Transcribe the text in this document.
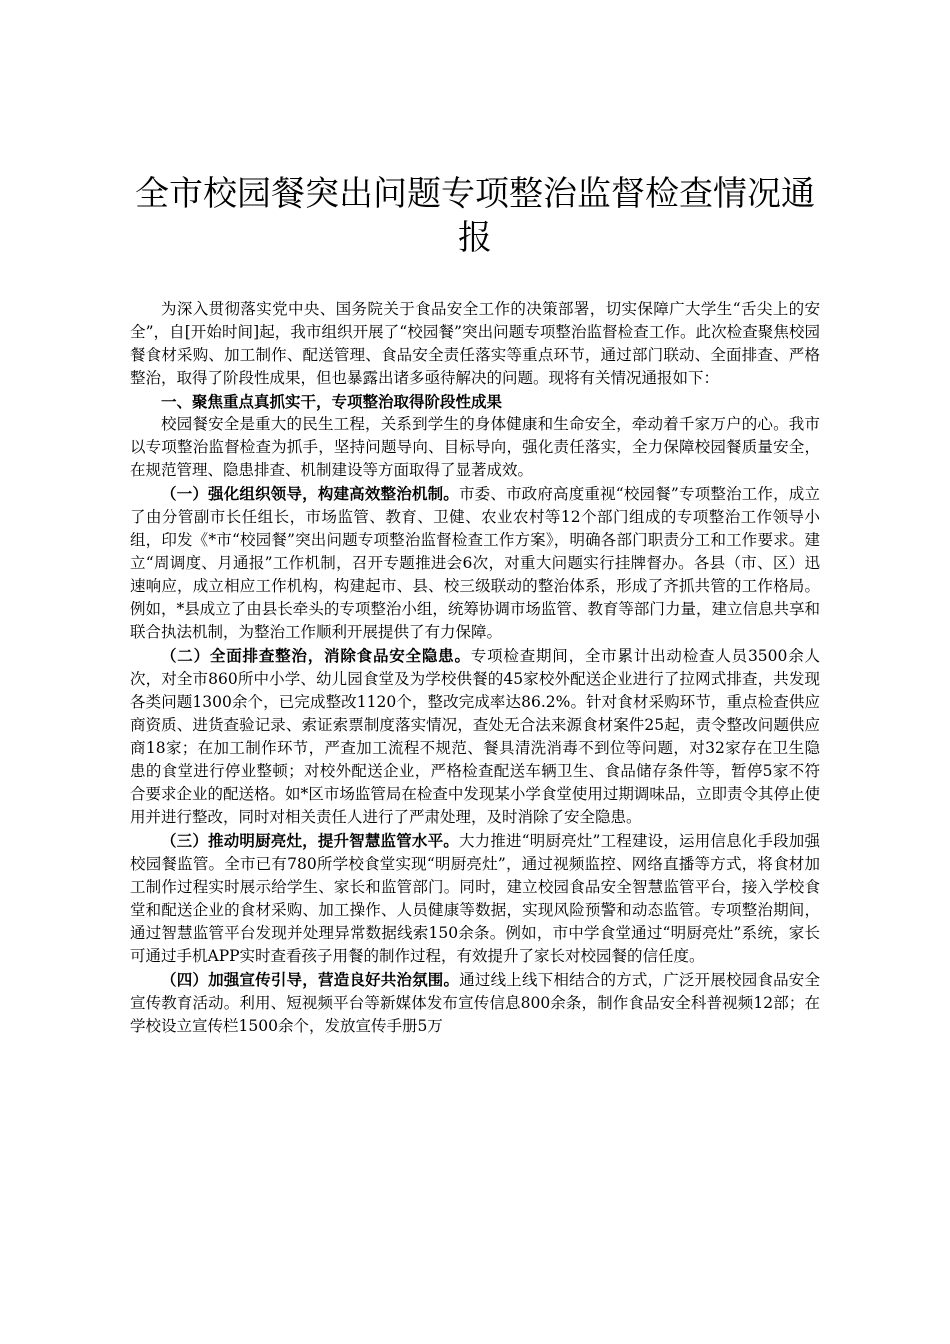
全市校园餐突出问题专项整治监督检查情况通报

为深入贯彻落实党中央、国务院关于食品安全工作的决策部署，切实保障广大学生“舌尖上的安全”，自[开始时间]起，我市组织开展了“校园餐”突出问题专项整治监督检查工作。此次检查聚焦校园餐食材采购、加工制作、配送管理、食品安全责任落实等重点环节，通过部门联动、全面排查、严格整治，取得了阶段性成果，但也暴露出诸多亟待解决的问题。现将有关情况通报如下：

一、聚焦重点真抓实干，专项整治取得阶段性成果

校园餐安全是重大的民生工程，关系到学生的身体健康和生命安全，牵动着千家万户的心。我市以专项整治监督检查为抓手，坚持问题导向、目标导向，强化责任落实，全力保障校园餐质量安全，在规范管理、隐患排查、机制建设等方面取得了显著成效。

（一）强化组织领导，构建高效整治机制。市委、市政府高度重视“校园餐”专项整治工作，成立了由分管副市长任组长，市场监管、教育、卫健、农业农村等12个部门组成的专项整治工作领导小组，印发《*市“校园餐”突出问题专项整治监督检查工作方案》，明确各部门职责分工和工作要求。建立“周调度、月通报”工作机制，召开专题推进会6次，对重大问题实行挂牌督办。各县（市、区）迅速响应，成立相应工作机构，构建起市、县、校三级联动的整治体系，形成了齐抓共管的工作格局。例如，*县成立了由县长牵头的专项整治小组，统筹协调市场监管、教育等部门力量，建立信息共享和联合执法机制，为整治工作顺利开展提供了有力保障。

（二）全面排查整治，消除食品安全隐患。专项检查期间，全市累计出动检查人员3500余人次，对全市860所中小学、幼儿园食堂及为学校供餐的45家校外配送企业进行了拉网式排查，共发现各类问题1300余个，已完成整改1120个，整改完成率达86.2%。针对食材采购环节，重点检查供应商资质、进货查验记录、索证索票制度落实情况，查处无合法来源食材案件25起，责令整改问题供应商18家；在加工制作环节，严查加工流程不规范、餐具清洗消毒不到位等问题，对32家存在卫生隐患的食堂进行停业整顿；对校外配送企业，严格检查配送车辆卫生、食品储存条件等，暂停5家不符合要求企业的配送格。如*区市场监管局在检查中发现某小学食堂使用过期调味品，立即责令其停止使用并进行整改，同时对相关责任人进行了严肃处理，及时消除了安全隐患。

（三）推动明厨亮灶，提升智慧监管水平。大力推进“明厨亮灶”工程建设，运用信息化手段加强校园餐监管。全市已有780所学校食堂实现“明厨亮灶”，通过视频监控、网络直播等方式，将食材加工制作过程实时展示给学生、家长和监管部门。同时，建立校园食品安全智慧监管平台，接入学校食堂和配送企业的食材采购、加工操作、人员健康等数据，实现风险预警和动态监管。专项整治期间，通过智慧监管平台发现并处理异常数据线索150余条。例如，市中学食堂通过“明厨亮灶”系统，家长可通过手机APP实时查看孩子用餐的制作过程，有效提升了家长对校园餐的信任度。

（四）加强宣传引导，营造良好共治氛围。通过线上线下相结合的方式，广泛开展校园食品安全宣传教育活动。利用、短视频平台等新媒体发布宣传信息800余条，制作食品安全科普视频12部；在学校设立宣传栏1500余个，发放宣传手册5万
